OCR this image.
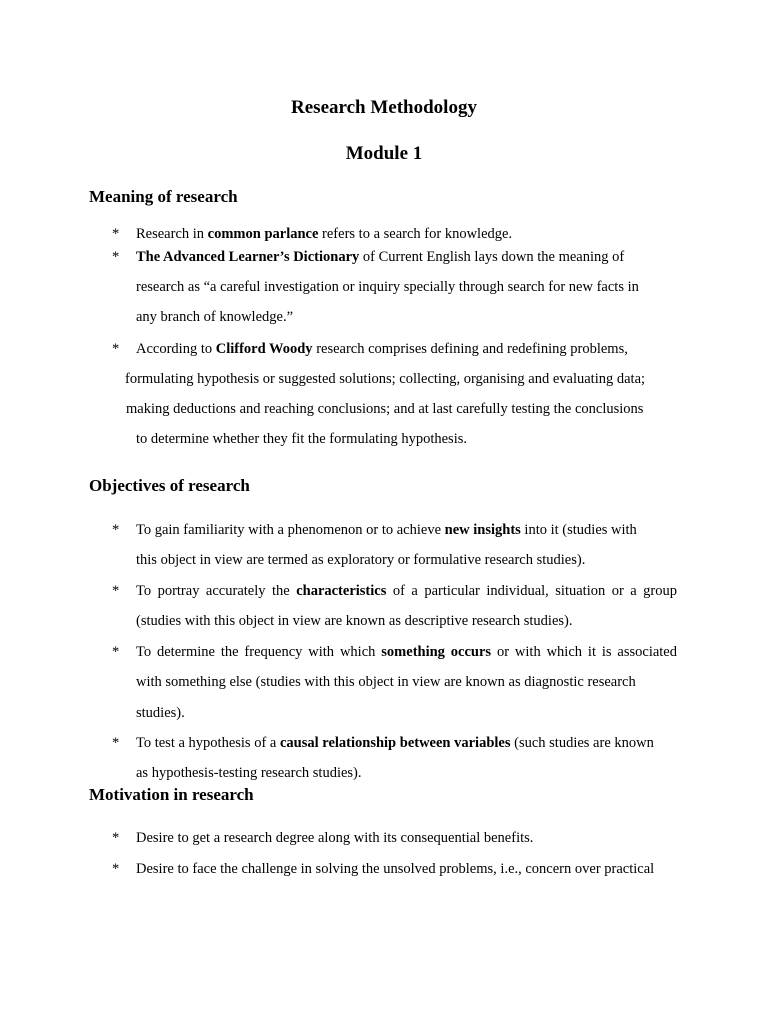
Research Methodology
Module 1
Meaning of research
* Research in common parlance refers to a search for knowledge.

* The Advanced Learner’s Dictionary of Current English lays down the meaning of

research as “a careful investigation or inquiry specially through search for new facts in

any branch of knowledge.”

* According to Clifford Woody research comprises defining and redefining problems,

formulating hypothesis or suggested solutions; collecting, organising and evaluating data;

making deductions and reaching conclusions; and at last carefully testing the conclusions

to determine whether they fit the formulating hypothesis.

Objectives of research
* To gain familiarity with a phenomenon or to achieve new insights into it (studies with

this object in view are termed as exploratory or formulative research studies).

* To portray accurately the characteristics of a particular individual, situation or a group

(studies with this object in view are known as descriptive research studies).

* To determine the frequency with which something occurs or with which it is associated

with something else (studies with this object in view are known as diagnostic research

studies).

* To test a hypothesis of a causal relationship between variables (such studies are known

as hypothesis-testing research studies).

Motivation in research
* Desire to get a research degree along with its consequential benefits.

* Desire to face the challenge in solving the unsolved problems, i.e., concern over practical
